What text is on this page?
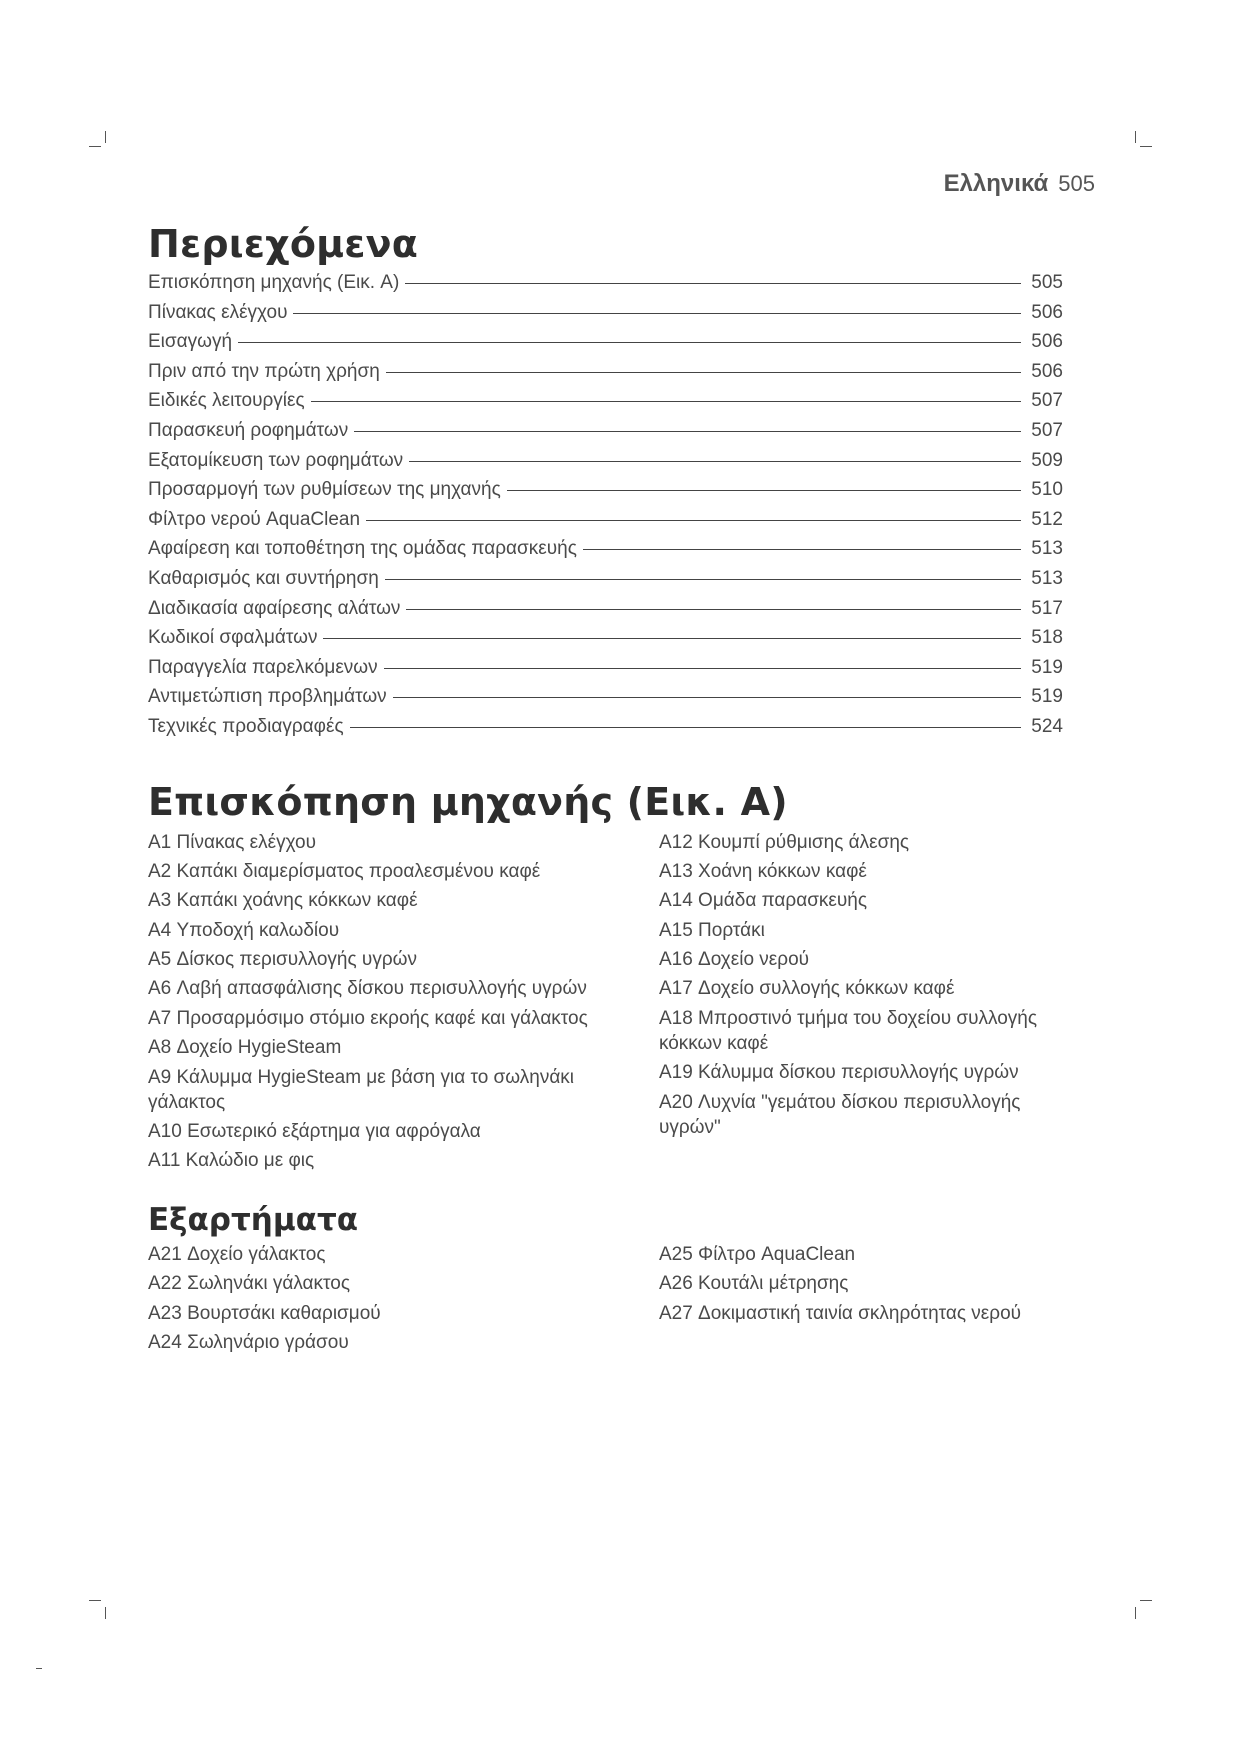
Ελληνικά 505
Περιεχόμενα
Επισκόπηση μηχανής (Εικ. A)	505
Πίνακας ελέγχου	506
Εισαγωγή	506
Πριν από την πρώτη χρήση	506
Ειδικές λειτουργίες	507
Παρασκευή ροφημάτων	507
Εξατομίκευση των ροφημάτων	509
Προσαρμογή των ρυθμίσεων της μηχανής	510
Φίλτρο νερού AquaClean	512
Αφαίρεση και τοποθέτηση της ομάδας παρασκευής	513
Καθαρισμός και συντήρηση	513
Διαδικασία αφαίρεσης αλάτων	517
Κωδικοί σφαλμάτων	518
Παραγγελία παρελκόμενων	519
Αντιμετώπιση προβλημάτων	519
Τεχνικές προδιαγραφές	524
Επισκόπηση μηχανής (Εικ. A)
A1 Πίνακας ελέγχου
A2 Καπάκι διαμερίσματος προαλεσμένου καφέ
A3 Καπάκι χοάνης κόκκων καφέ
A4 Υποδοχή καλωδίου
A5 Δίσκος περισυλλογής υγρών
A6 Λαβή απασφάλισης δίσκου περισυλλογής υγρών
A7 Προσαρμόσιμο στόμιο εκροής καφέ και γάλακτος
A8 Δοχείο HygieSteam
A9 Κάλυμμα HygieSteam με βάση για το σωληνάκι γάλακτος
A10 Εσωτερικό εξάρτημα για αφρόγαλα
A11 Καλώδιο με φις
A12 Κουμπί ρύθμισης άλεσης
A13 Χοάνη κόκκων καφέ
A14 Ομάδα παρασκευής
A15 Πορτάκι
A16 Δοχείο νερού
A17 Δοχείο συλλογής κόκκων καφέ
A18 Μπροστινό τμήμα του δοχείου συλλογής κόκκων καφέ
A19 Κάλυμμα δίσκου περισυλλογής υγρών
A20 Λυχνία "γεμάτου δίσκου περισυλλογής υγρών"
Εξαρτήματα
A21 Δοχείο γάλακτος
A22 Σωληνάκι γάλακτος
A23 Βουρτσάκι καθαρισμού
A24 Σωληνάριο γράσου
A25 Φίλτρο AquaClean
A26 Κουτάλι μέτρησης
A27 Δοκιμαστική ταινία σκληρότητας νερού
